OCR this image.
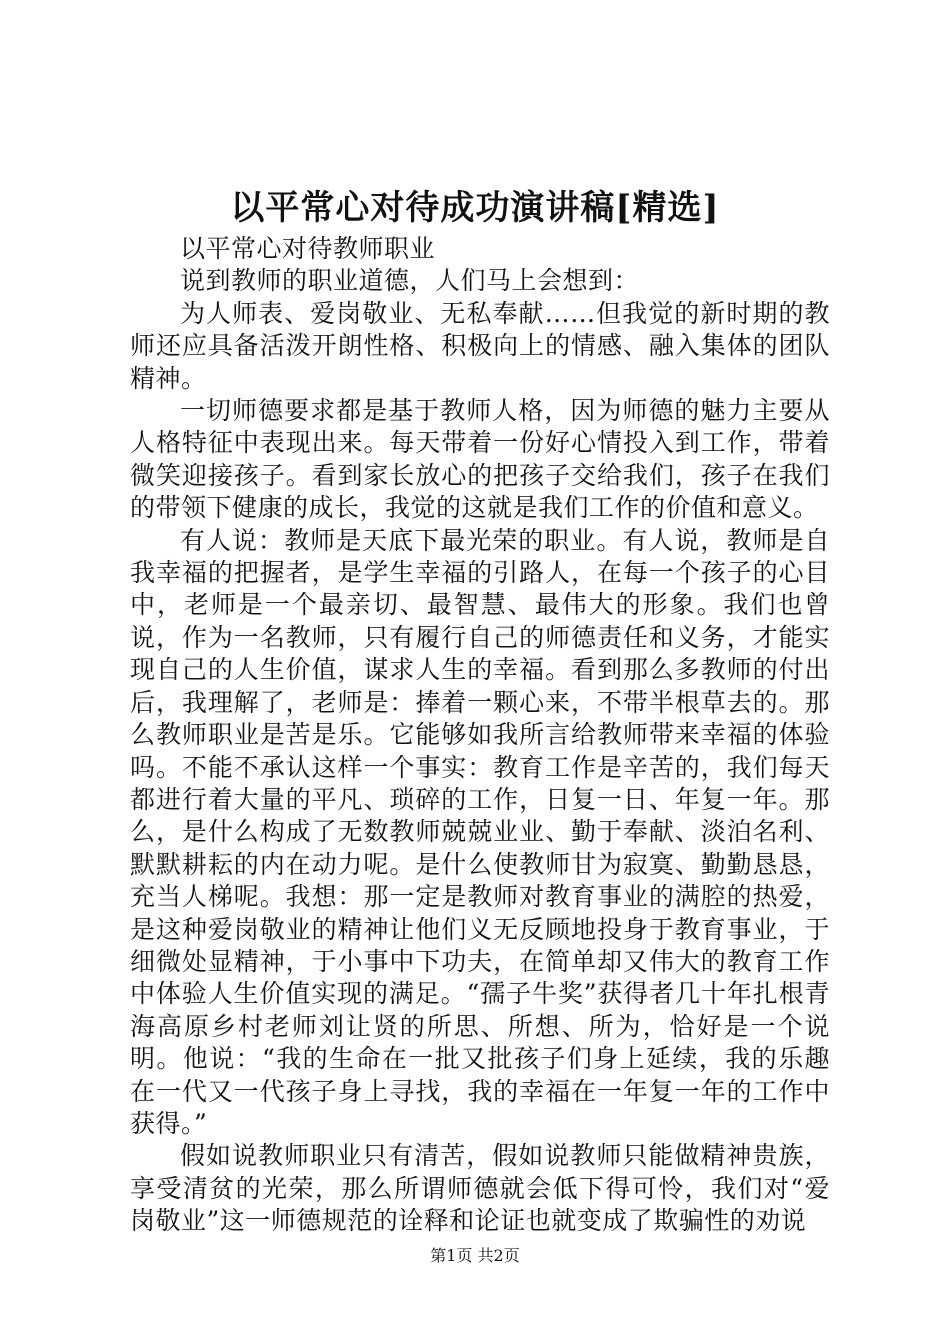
以平常心对待成功演讲稿[精选]

以平常心对待教师职业

说到教师的职业道德，人们马上会想到：

为人师表、爱岗敬业、无私奉献……但我觉的新时期的教师还应具备活泼开朗性格、积极向上的情感、融入集体的团队精神。

一切师德要求都是基于教师人格，因为师德的魅力主要从人格特征中表现出来。每天带着一份好心情投入到工作，带着微笑迎接孩子。看到家长放心的把孩子交给我们，孩子在我们的带领下健康的成长，我觉的这就是我们工作的价值和意义。

有人说：教师是天底下最光荣的职业。有人说，教师是自我幸福的把握者，是学生幸福的引路人，在每一个孩子的心目中，老师是一个最亲切、最智慧、最伟大的形象。我们也曾说，作为一名教师，只有履行自己的师德责任和义务，才能实现自己的人生价值，谋求人生的幸福。看到那么多教师的付出后，我理解了，老师是：捧着一颗心来，不带半根草去的。那么教师职业是苦是乐。它能够如我所言给教师带来幸福的体验吗。不能不承认这样一个事实：教育工作是辛苦的，我们每天都进行着大量的平凡、琐碎的工作，日复一日、年复一年。那么，是什么构成了无数教师兢兢业业、勤于奉献、淡泊名利、默默耕耘的内在动力呢。是什么使教师甘为寂寞、勤勤恳恳，充当人梯呢。我想：那一定是教师对教育事业的满腔的热爱，是这种爱岗敬业的精神让他们义无反顾地投身于教育事业，于细微处显精神，于小事中下功夫，在简单却又伟大的教育工作中体验人生价值实现的满足。“孺子牛奖”获得者几十年扎根青海高原乡村老师刘让贤的所思、所想、所为，恰好是一个说明。他说：“我的生命在一批又批孩子们身上延续，我的乐趣在一代又一代孩子身上寻找，我的幸福在一年复一年的工作中获得。”

假如说教师职业只有清苦，假如说教师只能做精神贵族，享受清贫的光荣，那么所谓师德就会低下得可怜，我们对“爱岗敬业”这一师德规范的诠释和论证也就变成了欺骗性的劝说

第1页 共2页
